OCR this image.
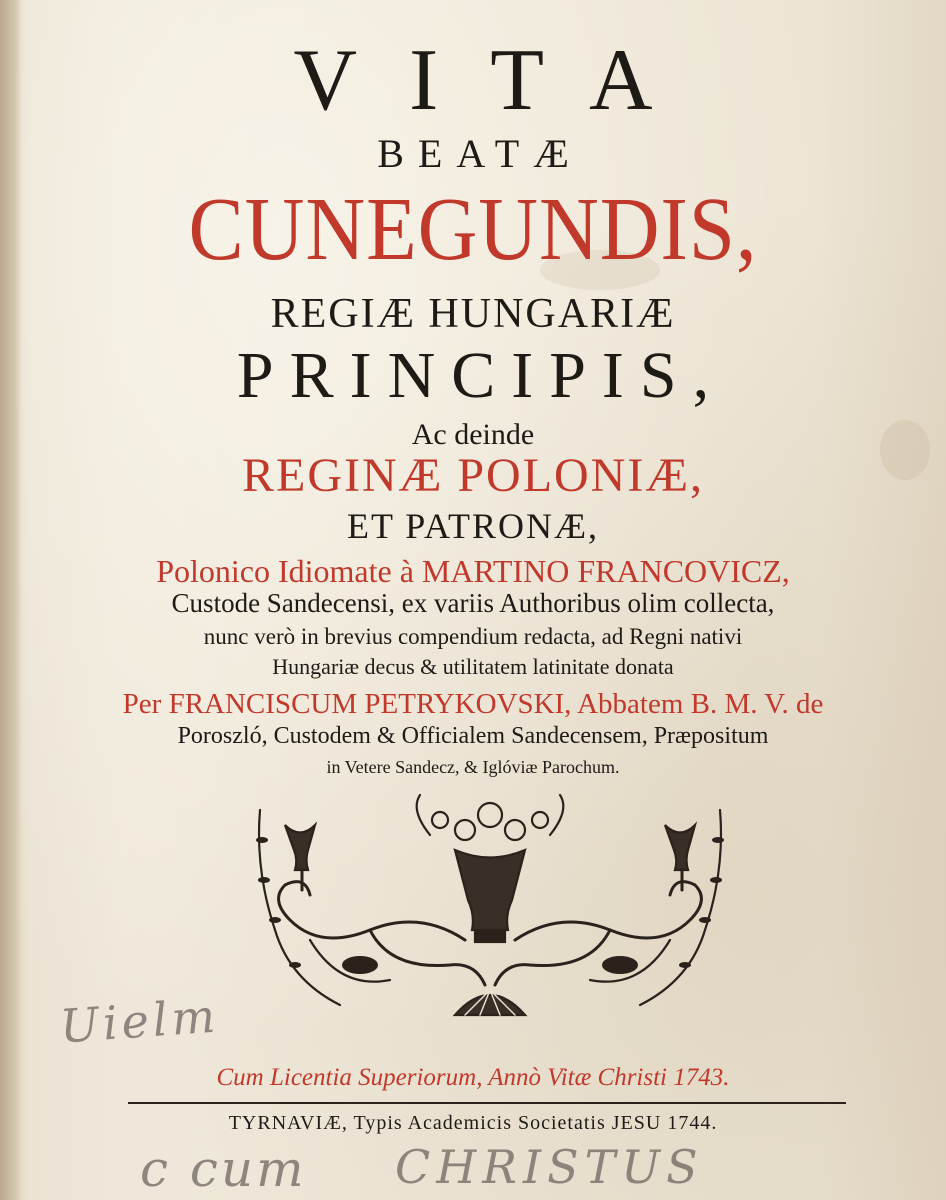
VITA
BEATÆ
CUNEGUNDIS,
REGIÆ HUNGARIÆ
PRINCIPIS,
Ac deinde
REGINÆ POLONIÆ,
ET PATRONÆ,
Polonico Idiomate à MARTINO FRANCOVICZ,
Custode Sandecensi, ex variis Authoribus olim collecta,
nunc verò in brevius compendium redacta, ad Regni nativi
Hungariæ decus & utilitatem latinitate donata
Per FRANCISCUM PETRYKOVSKI, Abbatem B. M. V. de
Poroszló, Custodem & Officialem Sandecensem, Præpositum
in Vetere Sandecz, & Iglóviæ Parochum.
Uielm
Cum Licentia Superiorum, Annò Vitæ Christi 1743.
TYRNAVIÆ, Typis Academicis Societatis JESU 1744.
c cum CHRISTUS
